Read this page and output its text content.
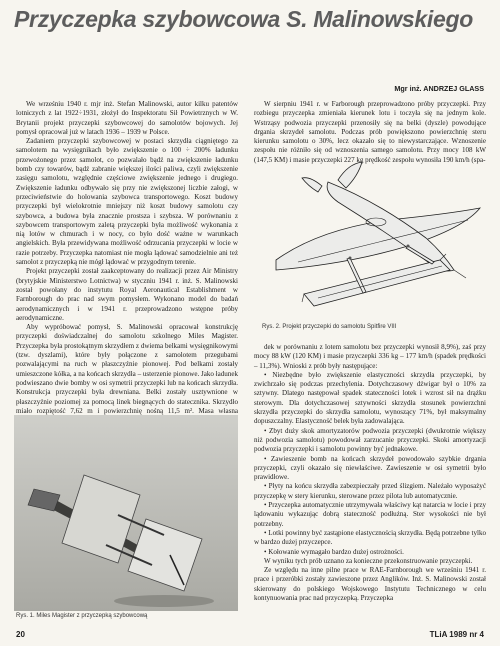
Przyczepka szybowcowa S. Malinowskiego
Mgr inż. ANDRZEJ GLASS

We wrześniu 1940 r. mjr inż. Stefan Malinowski, autor kilku patentów lotniczych z lat 1922÷1931, złożył do Inspektoratu Sił Powietrznych w W. Brytanii projekt przyczepki szybowcowej do samolotów bojowych. Jej pomysł opracował już w latach 1936 – 1939 w Polsce.

Zadaniem przyczepki szybowcowej w postaci skrzydła ciągniętego za samolotem na wysięgnikach było zwiększenie o 100 ÷ 200% ładunku przewożonego przez samolot, co pozwalało bądź na zwiększenie ładunku bomb czy towarów, bądź zabranie większej ilości paliwa, czyli zwiększenie zasięgu samolotu, względnie częściowe zwiększenie jednego i drugiego. Zwiększenie ładunku odbywało się przy nie zwiększonej liczbie załogi, w przeciwieństwie do holowania szybowca transportowego. Koszt budowy przyczepki był wielokrotnie mniejszy niż koszt budowy samolotu czy szybowca, a budowa była znacznie prostsza i szybsza. W porównaniu z szybowcem transportowym zaletą przyczepki była możliwość wykonania z nią lotów w chmurach i w nocy, co było dość ważne w warunkach angielskich. Była przewidywana możliwość odrzucania przyczepki w locie w razie potrzeby. Przyczepka natomiast nie mogła lądować samodzielnie ani też samolot z przyczepką nie mógł lądować w przygodnym terenie.

Projekt przyczepki został zaakceptowany do realizacji przez Air Ministry (brytyjskie Ministerstwo Lotnictwa) w styczniu 1941 r. inż. S. Malinowski został powołany do instytutu Royal Aeronautical Establishment w Farnborough do prac nad swym pomysłem. Wykonano model do badań aerodynamicznych i w 1941 r. przeprowadzono wstępne próby aerodynamiczne.

Aby wypróbować pomysł, S. Malinowski opracował konstrukcję przyczepki doświadczalnej do samolotu szkolnego Miles Magister. Przyczepka była prostokątnym skrzydłem z dwiema belkami wysięgnikowymi (tzw. dyszlami), które były połączone z samolotem przegubami pozwalającymi na ruch w płaszczyźnie pionowej. Pod belkami zostały umieszczone kółka, a na końcach skrzydła – usterzenie pionowe. Jako ładunek podwieszano dwie bomby w osi symetrii przyczepki lub na końcach skrzydła. Konstrukcja przyczepki była drewniana. Belki zostały usztywnione w płaszczyźnie poziomej za pomocą linek biegnących do statecznika. Skrzydło miało rozpiętość 7,62 m i powierzchnię nośną 11,5 m². Masa własna

W sierpniu 1941 r. w Farborough przeprowadzono próby przyczepki. Przy rozbiegu przyczepka zmieniała kierunek lotu i toczyła się na jednym kole. Wstrząsy podwozia przyczepki przenosiły się na belki (dyszle) powodujące drgania skrzydeł samolotu. Podczas prób powiększono powierzchnię steru kierunku samolotu o 30%, lecz okazało się to niewystarczające. Wznoszenie zespołu nie różniło się od wznoszenia samego samolotu. Przy mocy 108 kW (147,5 KM) i masie przyczepki 227 kg prędkość zespołu wynosiła 190 km/h (spa-

Rys. 2. Projekt przyczepki do samolotu Spitfire VIII

dek w porównaniu z lotem samolotu bez przyczepki wynosił 8,9%), zaś przy mocy 88 kW (120 KM) i masie przyczepki 336 kg – 177 km/h (spadek prędkości – 11,3%). Wnioski z prób były następujące:

• Niezbędne było zwiększenie elastyczności skrzydła przyczepki, by zwichrzało się podczas przechylenia. Dotychczasowy dźwigar był o 10% za sztywny. Dlatego następował spadek stateczności lotek i wzrost sił na drążku sterowym. Dla dotychczasowej sztywności skrzydła stosunek powierzchni skrzydła przyczepki do skrzydła samolotu, wynoszący 71%, był maksymalny dopuszczalny. Elastyczność belek była zadowalająca.

• Zbyt duży skok amortyzatorów podwozia przyczepki (dwukrotnie większy niż podwozia samolotu) powodował zarzucanie przyczepki. Skoki amortyzacji podwozia przyczepki i samolotu powinny być jednakowe.

• Zawieszenie bomb na końcach skrzydeł powodowało szybkie drgania przyczepki, czyli okazało się niewłaściwe. Zawieszenie w osi symetrii było prawidłowe.

• Płyty na końcu skrzydła zabezpieczały przed ślizgiem. Należało wyposażyć przyczepkę w stery kierunku, sterowane przez pilota lub automatycznie.

• Przyczepka automatycznie utrzymywała właściwy kąt natarcia w locie i przy lądowaniu wykazując dobrą stateczność podłużną. Ster wysokości nie był potrzebny.

• Lotki powinny być zastąpione elastycznością skrzydła. Będą potrzebne tylko w bardzo dużej przyczepce.

• Kołowanie wymagało bardzo dużej ostrożności.

W wyniku tych prób uznano za konieczne przekonstruowanie przyczepki.

Ze względu na inne pilne prace w RAE-Farnborough we wrześniu 1941 r. prace i przeróbki zostały zawieszone przez Anglików. Inż. S. Malinowski został skierowany do polskiego Wojskowego Instytutu Technicznego w celu kontynuowania prac nad przyczepką. Przyczepka

Rys. 1. Miles Magister z przyczepką szybowcową
20	TLiA 1989 nr 4
